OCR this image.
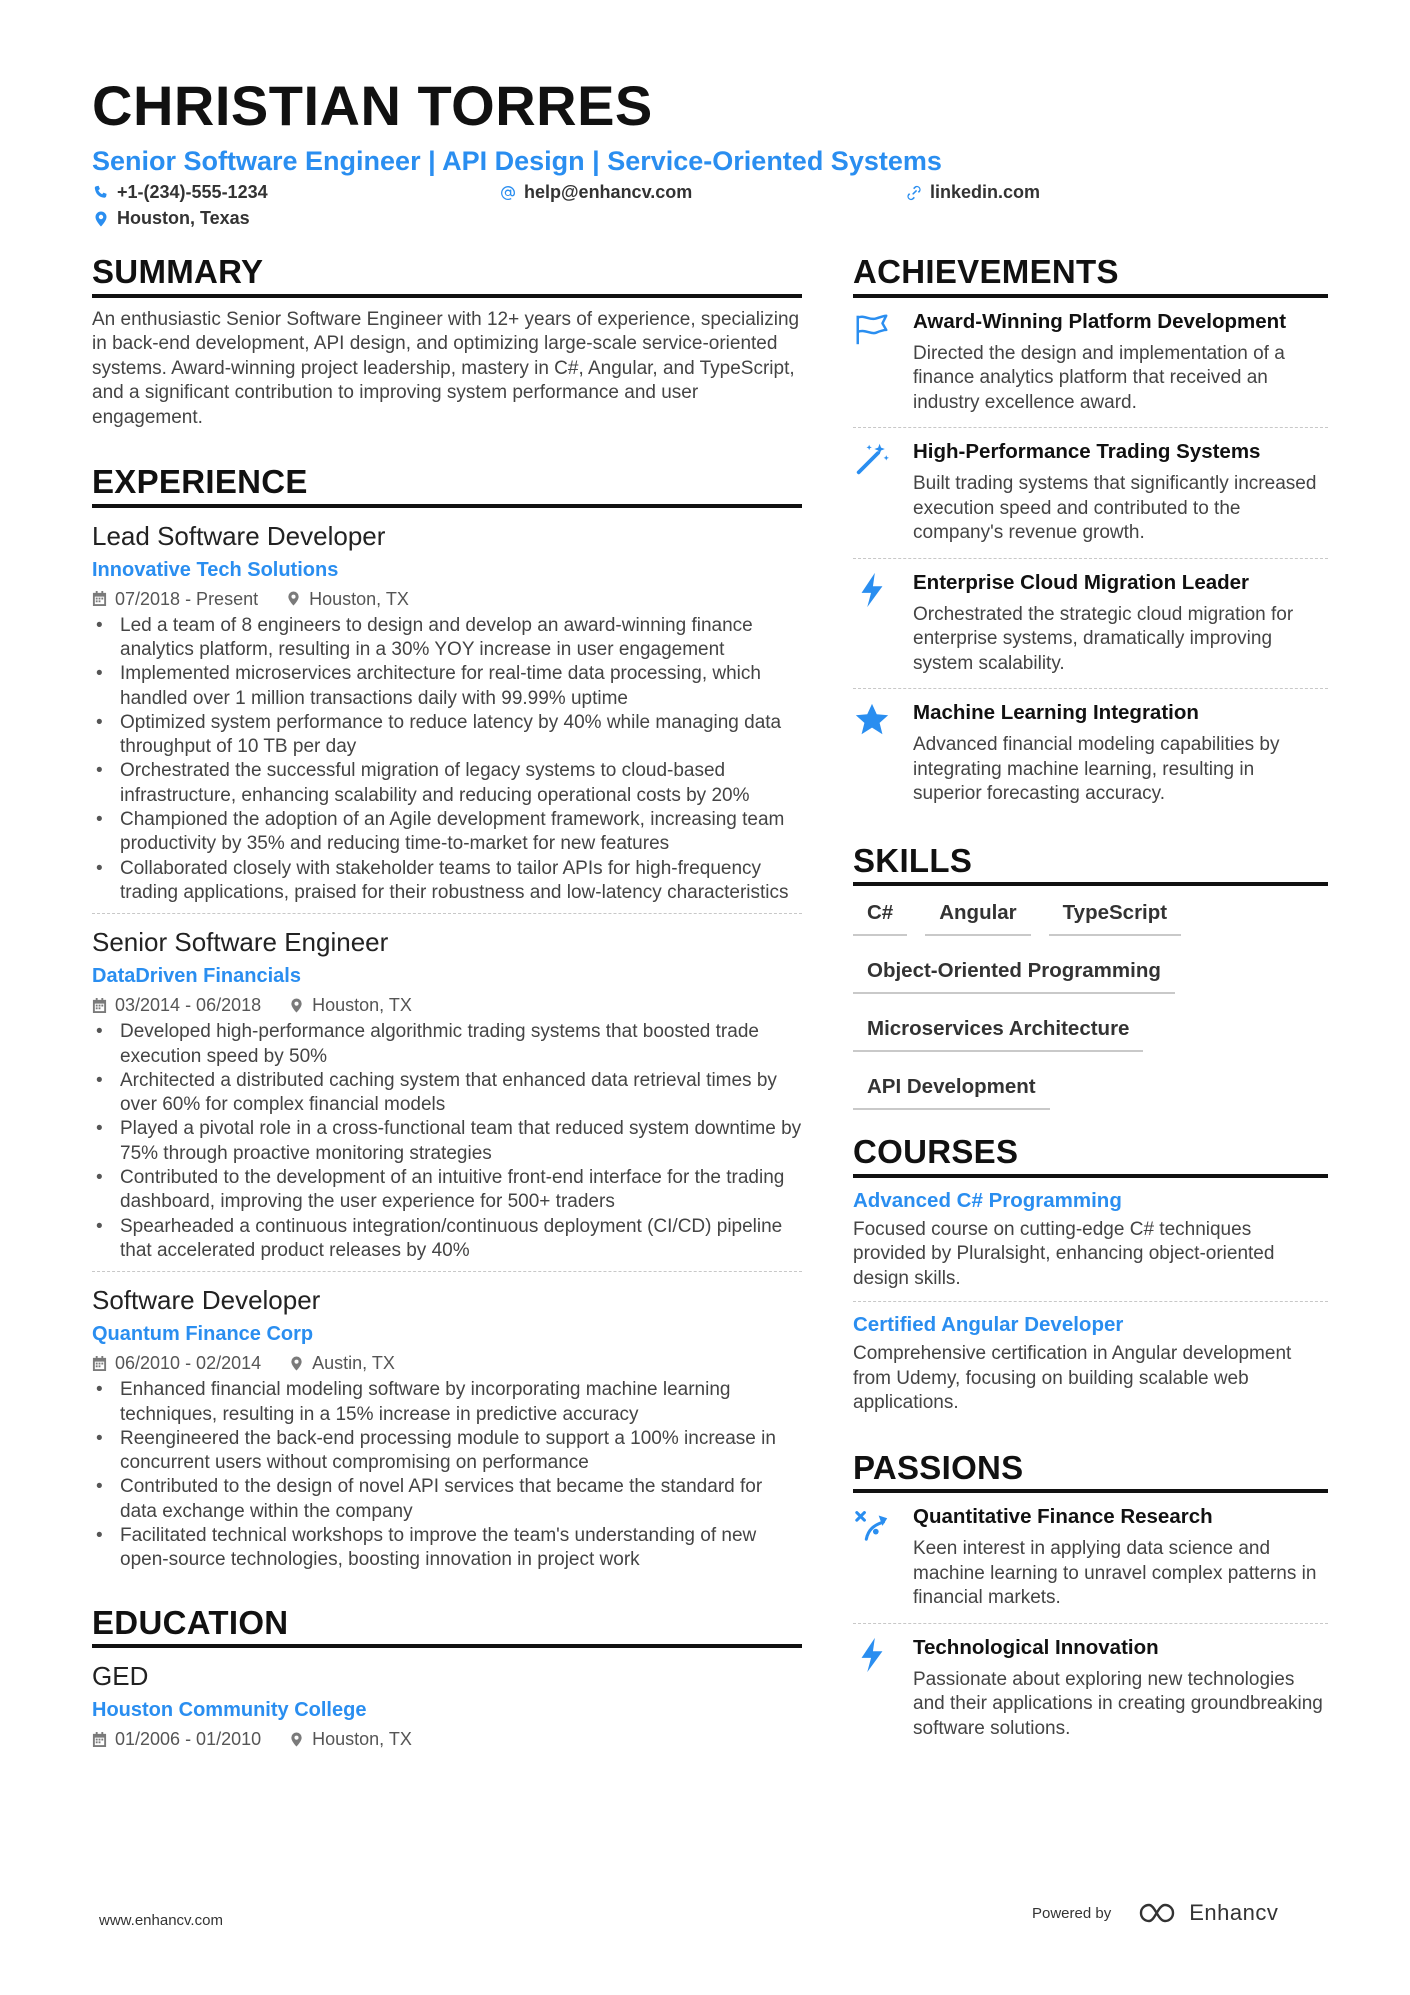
CHRISTIAN TORRES
Senior Software Engineer | API Design | Service-Oriented Systems
+1-(234)-555-1234	help@enhancv.com	linkedin.com
Houston, Texas
SUMMARY

An enthusiastic Senior Software Engineer with 12+ years of experience, specializing in back-end development, API design, and optimizing large-scale service-oriented systems. Award-winning project leadership, mastery in C#, Angular, and TypeScript, and a significant contribution to improving system performance and user engagement.

EXPERIENCE
Lead Software Developer
Innovative Tech Solutions
07/2018 - Present	Houston, TX
• Led a team of 8 engineers to design and develop an award-winning finance analytics platform, resulting in a 30% YOY increase in user engagement
• Implemented microservices architecture for real-time data processing, which handled over 1 million transactions daily with 99.99% uptime
• Optimized system performance to reduce latency by 40% while managing data throughput of 10 TB per day
• Orchestrated the successful migration of legacy systems to cloud-based infrastructure, enhancing scalability and reducing operational costs by 20%
• Championed the adoption of an Agile development framework, increasing team productivity by 35% and reducing time-to-market for new features
• Collaborated closely with stakeholder teams to tailor APIs for high-frequency trading applications, praised for their robustness and low-latency characteristics
Senior Software Engineer
DataDriven Financials
03/2014 - 06/2018	Houston, TX
• Developed high-performance algorithmic trading systems that boosted trade execution speed by 50%
• Architected a distributed caching system that enhanced data retrieval times by over 60% for complex financial models
• Played a pivotal role in a cross-functional team that reduced system downtime by 75% through proactive monitoring strategies
• Contributed to the development of an intuitive front-end interface for the trading dashboard, improving the user experience for 500+ traders
• Spearheaded a continuous integration/continuous deployment (CI/CD) pipeline that accelerated product releases by 40%
Software Developer
Quantum Finance Corp
06/2010 - 02/2014	Austin, TX
• Enhanced financial modeling software by incorporating machine learning techniques, resulting in a 15% increase in predictive accuracy
• Reengineered the back-end processing module to support a 100% increase in concurrent users without compromising on performance
• Contributed to the design of novel API services that became the standard for data exchange within the company
• Facilitated technical workshops to improve the team's understanding of new open-source technologies, boosting innovation in project work
EDUCATION
GED
Houston Community College
01/2006 - 01/2010	Houston, TX
ACHIEVEMENTS
Award-Winning Platform Development
Directed the design and implementation of a finance analytics platform that received an industry excellence award.
High-Performance Trading Systems
Built trading systems that significantly increased execution speed and contributed to the company's revenue growth.
Enterprise Cloud Migration Leader
Orchestrated the strategic cloud migration for enterprise systems, dramatically improving system scalability.
Machine Learning Integration
Advanced financial modeling capabilities by integrating machine learning, resulting in superior forecasting accuracy.
SKILLS
C#	Angular	TypeScript
Object-Oriented Programming
Microservices Architecture
API Development
COURSES
Advanced C# Programming
Focused course on cutting-edge C# techniques provided by Pluralsight, enhancing object-oriented design skills.
Certified Angular Developer
Comprehensive certification in Angular development from Udemy, focusing on building scalable web applications.
PASSIONS
Quantitative Finance Research
Keen interest in applying data science and machine learning to unravel complex patterns in financial markets.
Technological Innovation
Passionate about exploring new technologies and their applications in creating groundbreaking software solutions.
www.enhancv.com	Powered by	Enhancv
